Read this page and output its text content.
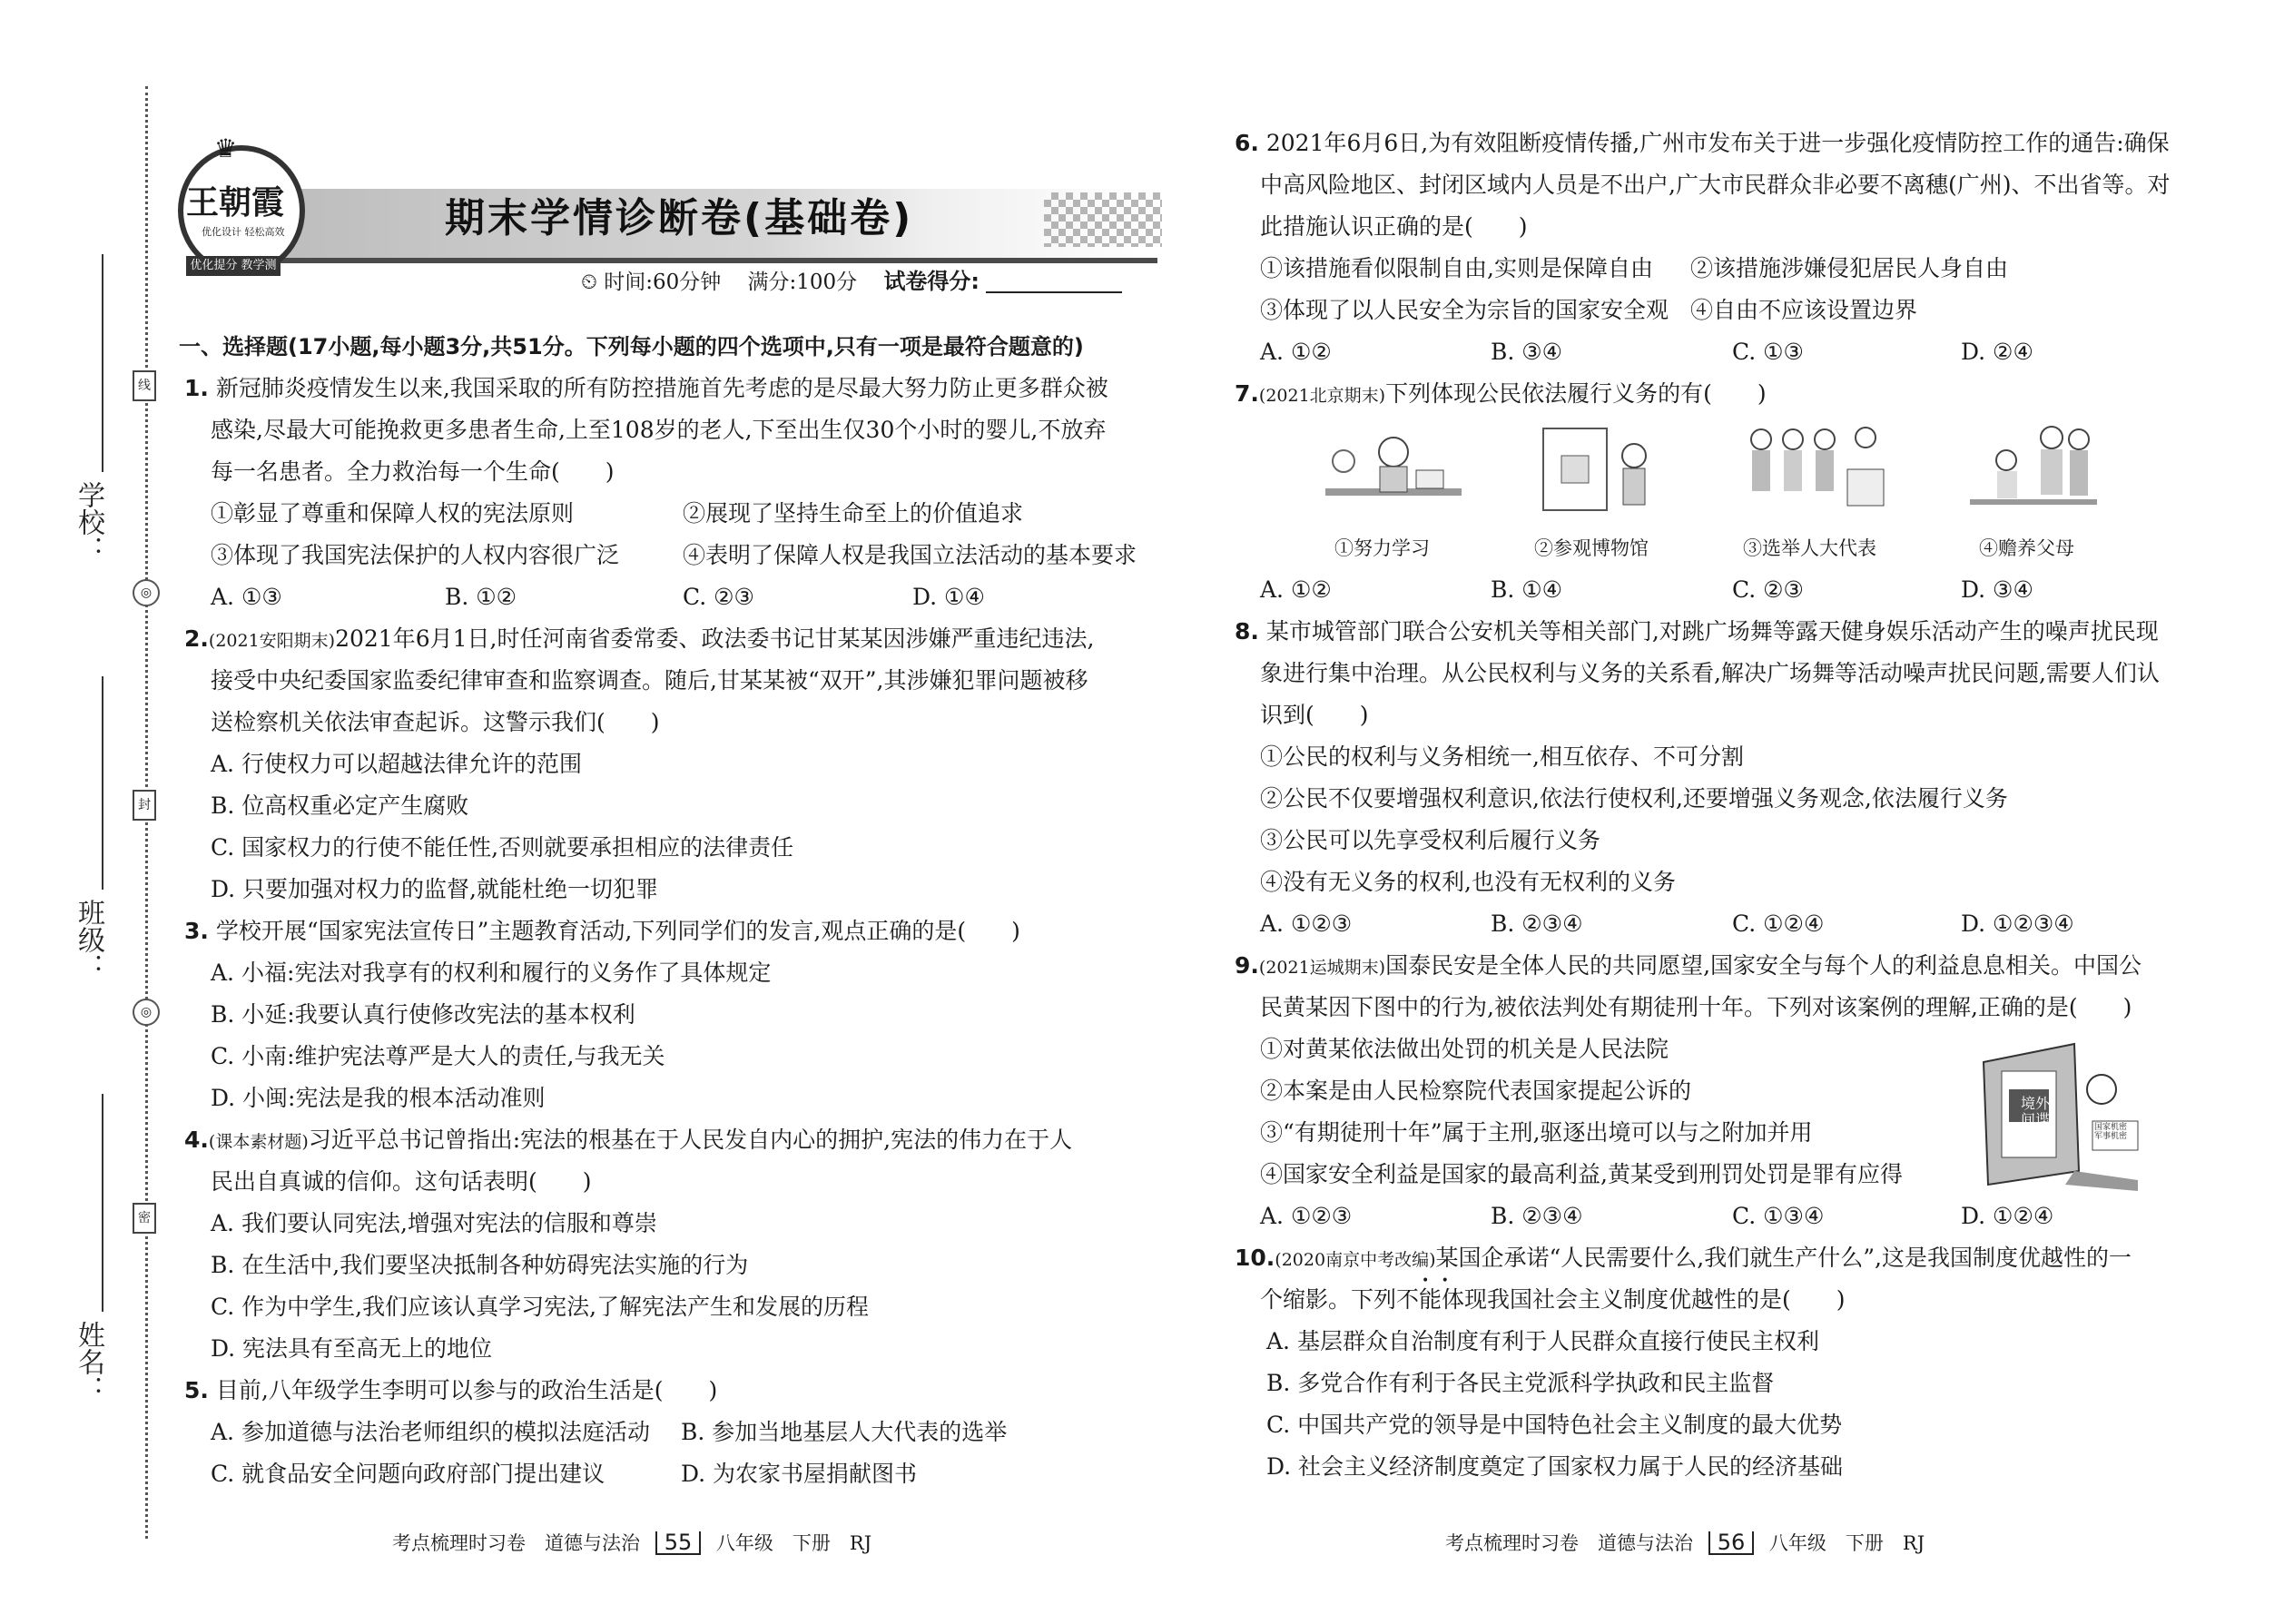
学校：
班级：
姓名：
线
◎
封
◎
密
期末学情诊断卷(基础卷)
♛
王朝霞
优化设计 轻松高效
优化提分 教学测评	⏲ 时间:60分钟 满分:100分 试卷得分:
一、选择题(17小题,每小题3分,共51分。下列每小题的四个选项中,只有一项是最符合题意的)
1. 新冠肺炎疫情发生以来,我国采取的所有防控措施首先考虑的是尽最大努力防止更多群众被
感染,尽最大可能挽救更多患者生命,上至108岁的老人,下至出生仅30个小时的婴儿,不放弃
每一名患者。全力救治每一个生命(　　)
①彰显了尊重和保障人权的宪法原则	②展现了坚持生命至上的价值追求
③体现了我国宪法保护的人权内容很广泛	④表明了保障人权是我国立法活动的基本要求
A. ①③	B. ①②	C. ②③	D. ①④
2.(2021安阳期末)2021年6月1日,时任河南省委常委、政法委书记甘某某因涉嫌严重违纪违法,
接受中央纪委国家监委纪律审查和监察调查。随后,甘某某被“双开”,其涉嫌犯罪问题被移
送检察机关依法审查起诉。这警示我们(　　)
A. 行使权力可以超越法律允许的范围
B. 位高权重必定产生腐败
C. 国家权力的行使不能任性,否则就要承担相应的法律责任
D. 只要加强对权力的监督,就能杜绝一切犯罪
3. 学校开展“国家宪法宣传日”主题教育活动,下列同学们的发言,观点正确的是(　　)
A. 小福:宪法对我享有的权利和履行的义务作了具体规定
B. 小延:我要认真行使修改宪法的基本权利
C. 小南:维护宪法尊严是大人的责任,与我无关
D. 小闽:宪法是我的根本活动准则
4.(课本素材题)习近平总书记曾指出:宪法的根基在于人民发自内心的拥护,宪法的伟力在于人
民出自真诚的信仰。这句话表明(　　)
A. 我们要认同宪法,增强对宪法的信服和尊崇
B. 在生活中,我们要坚决抵制各种妨碍宪法实施的行为
C. 作为中学生,我们应该认真学习宪法,了解宪法产生和发展的历程
D. 宪法具有至高无上的地位
5. 目前,八年级学生李明可以参与的政治生活是(　　)
A. 参加道德与法治老师组织的模拟法庭活动 B. 参加当地基层人大代表的选举
C. 就食品安全问题向政府部门提出建议	D. 为农家书屋捐献图书
考点梳理时习卷　道德与法治 55 八年级　下册　RJ
6. 2021年6月6日,为有效阻断疫情传播,广州市发布关于进一步强化疫情防控工作的通告:确保
中高风险地区、封闭区域内人员是不出户,广大市民群众非必要不离穗(广州)、不出省等。对
此措施认识正确的是(　　)
①该措施看似限制自由,实则是保障自由 ②该措施涉嫌侵犯居民人身自由
③体现了以人民安全为宗旨的国家安全观 ④自由不应该设置边界
A. ①②	B. ③④	C. ①③	D. ②④
7.(2021北京期末)下列体现公民依法履行义务的有(　　)
①努力学习	②参观博物馆	③选举人大代表	④赡养父母
A. ①②	B. ①④	C. ②③	D. ③④
8. 某市城管部门联合公安机关等相关部门,对跳广场舞等露天健身娱乐活动产生的噪声扰民现
象进行集中治理。从公民权利与义务的关系看,解决广场舞等活动噪声扰民问题,需要人们认
识到(　　)
①公民的权利与义务相统一,相互依存、不可分割
②公民不仅要增强权利意识,依法行使权利,还要增强义务观念,依法履行义务
③公民可以先享受权利后履行义务
④没有无义务的权利,也没有无权利的义务
A. ①②③	B. ②③④	C. ①②④	D. ①②③④
9.(2021运城期末)国泰民安是全体人民的共同愿望,国家安全与每个人的利益息息相关。中国公
民黄某因下图中的行为,被依法判处有期徒刑十年。下列对该案例的理解,正确的是(　　)
①对黄某依法做出处罚的机关是人民法院
②本案是由人民检察院代表国家提起公诉的
③“有期徒刑十年”属于主刑,驱逐出境可以与之附加并用
④国家安全利益是国家的最高利益,黄某受到刑罚处罚是罪有应得
境外
间谍	国家机密
军事机密
A. ①②③	B. ②③④	C. ①③④	D. ①②④
10.(2020南京中考改编)某国企承诺“人民需要什么,我们就生产什么”,这是我国制度优越性的一
个缩影。下列不能体现我国社会主义制度优越性的是(　　)
•   •
A. 基层群众自治制度有利于人民群众直接行使民主权利
B. 多党合作有利于各民主党派科学执政和民主监督
C. 中国共产党的领导是中国特色社会主义制度的最大优势
D. 社会主义经济制度奠定了国家权力属于人民的经济基础
考点梳理时习卷　道德与法治 56 八年级　下册　RJ
